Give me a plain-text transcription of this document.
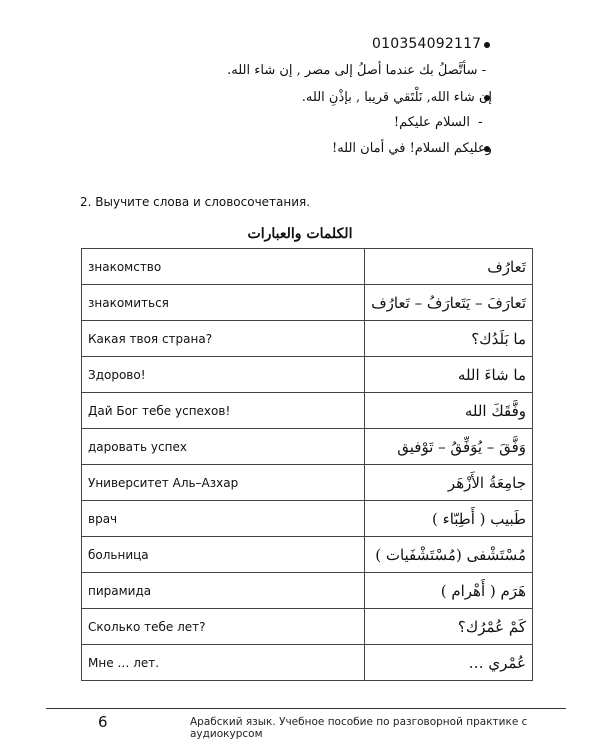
010354092117
- سأتَّصلُ بك عندما أصلُ إلى مصر , إن شاء الله.
إن شاء الله, نَلْتَقي قريبا , بإذْنِ الله.
-
السلام عليكم!
وعليكم السلام! في أمان الله!
2. Выучите слова и словосочетания.
الكلمات والعبارات
знакомство	تَعارُف
знакомиться	تَعارَفَ – يَتَعارَفُ – تَعارُف
Какая твоя страна?	ما بَلَدُك؟
Здорово!	ما شاءَ الله
Дай Бог тебе успехов!	وفَّقَكَ الله
даровать успех	وَفَّقَ – يُوَفِّقُ – تَوْفيق
Университет Аль–Азхар	جامِعَةُ الأَزْهَر
врач	طَبيب ( أَطِبّاء )
больница	مُسْتَشْفى (مُسْتَشْفَيات )
пирамида	هَرَم ( أَهْرام )
Сколько тебе лет?	كَمْ عُمْرُك؟
Мне … лет.	عُمْري …
6	Арабский язык. Учебное пособие по разговорной практике с аудиокурсом
